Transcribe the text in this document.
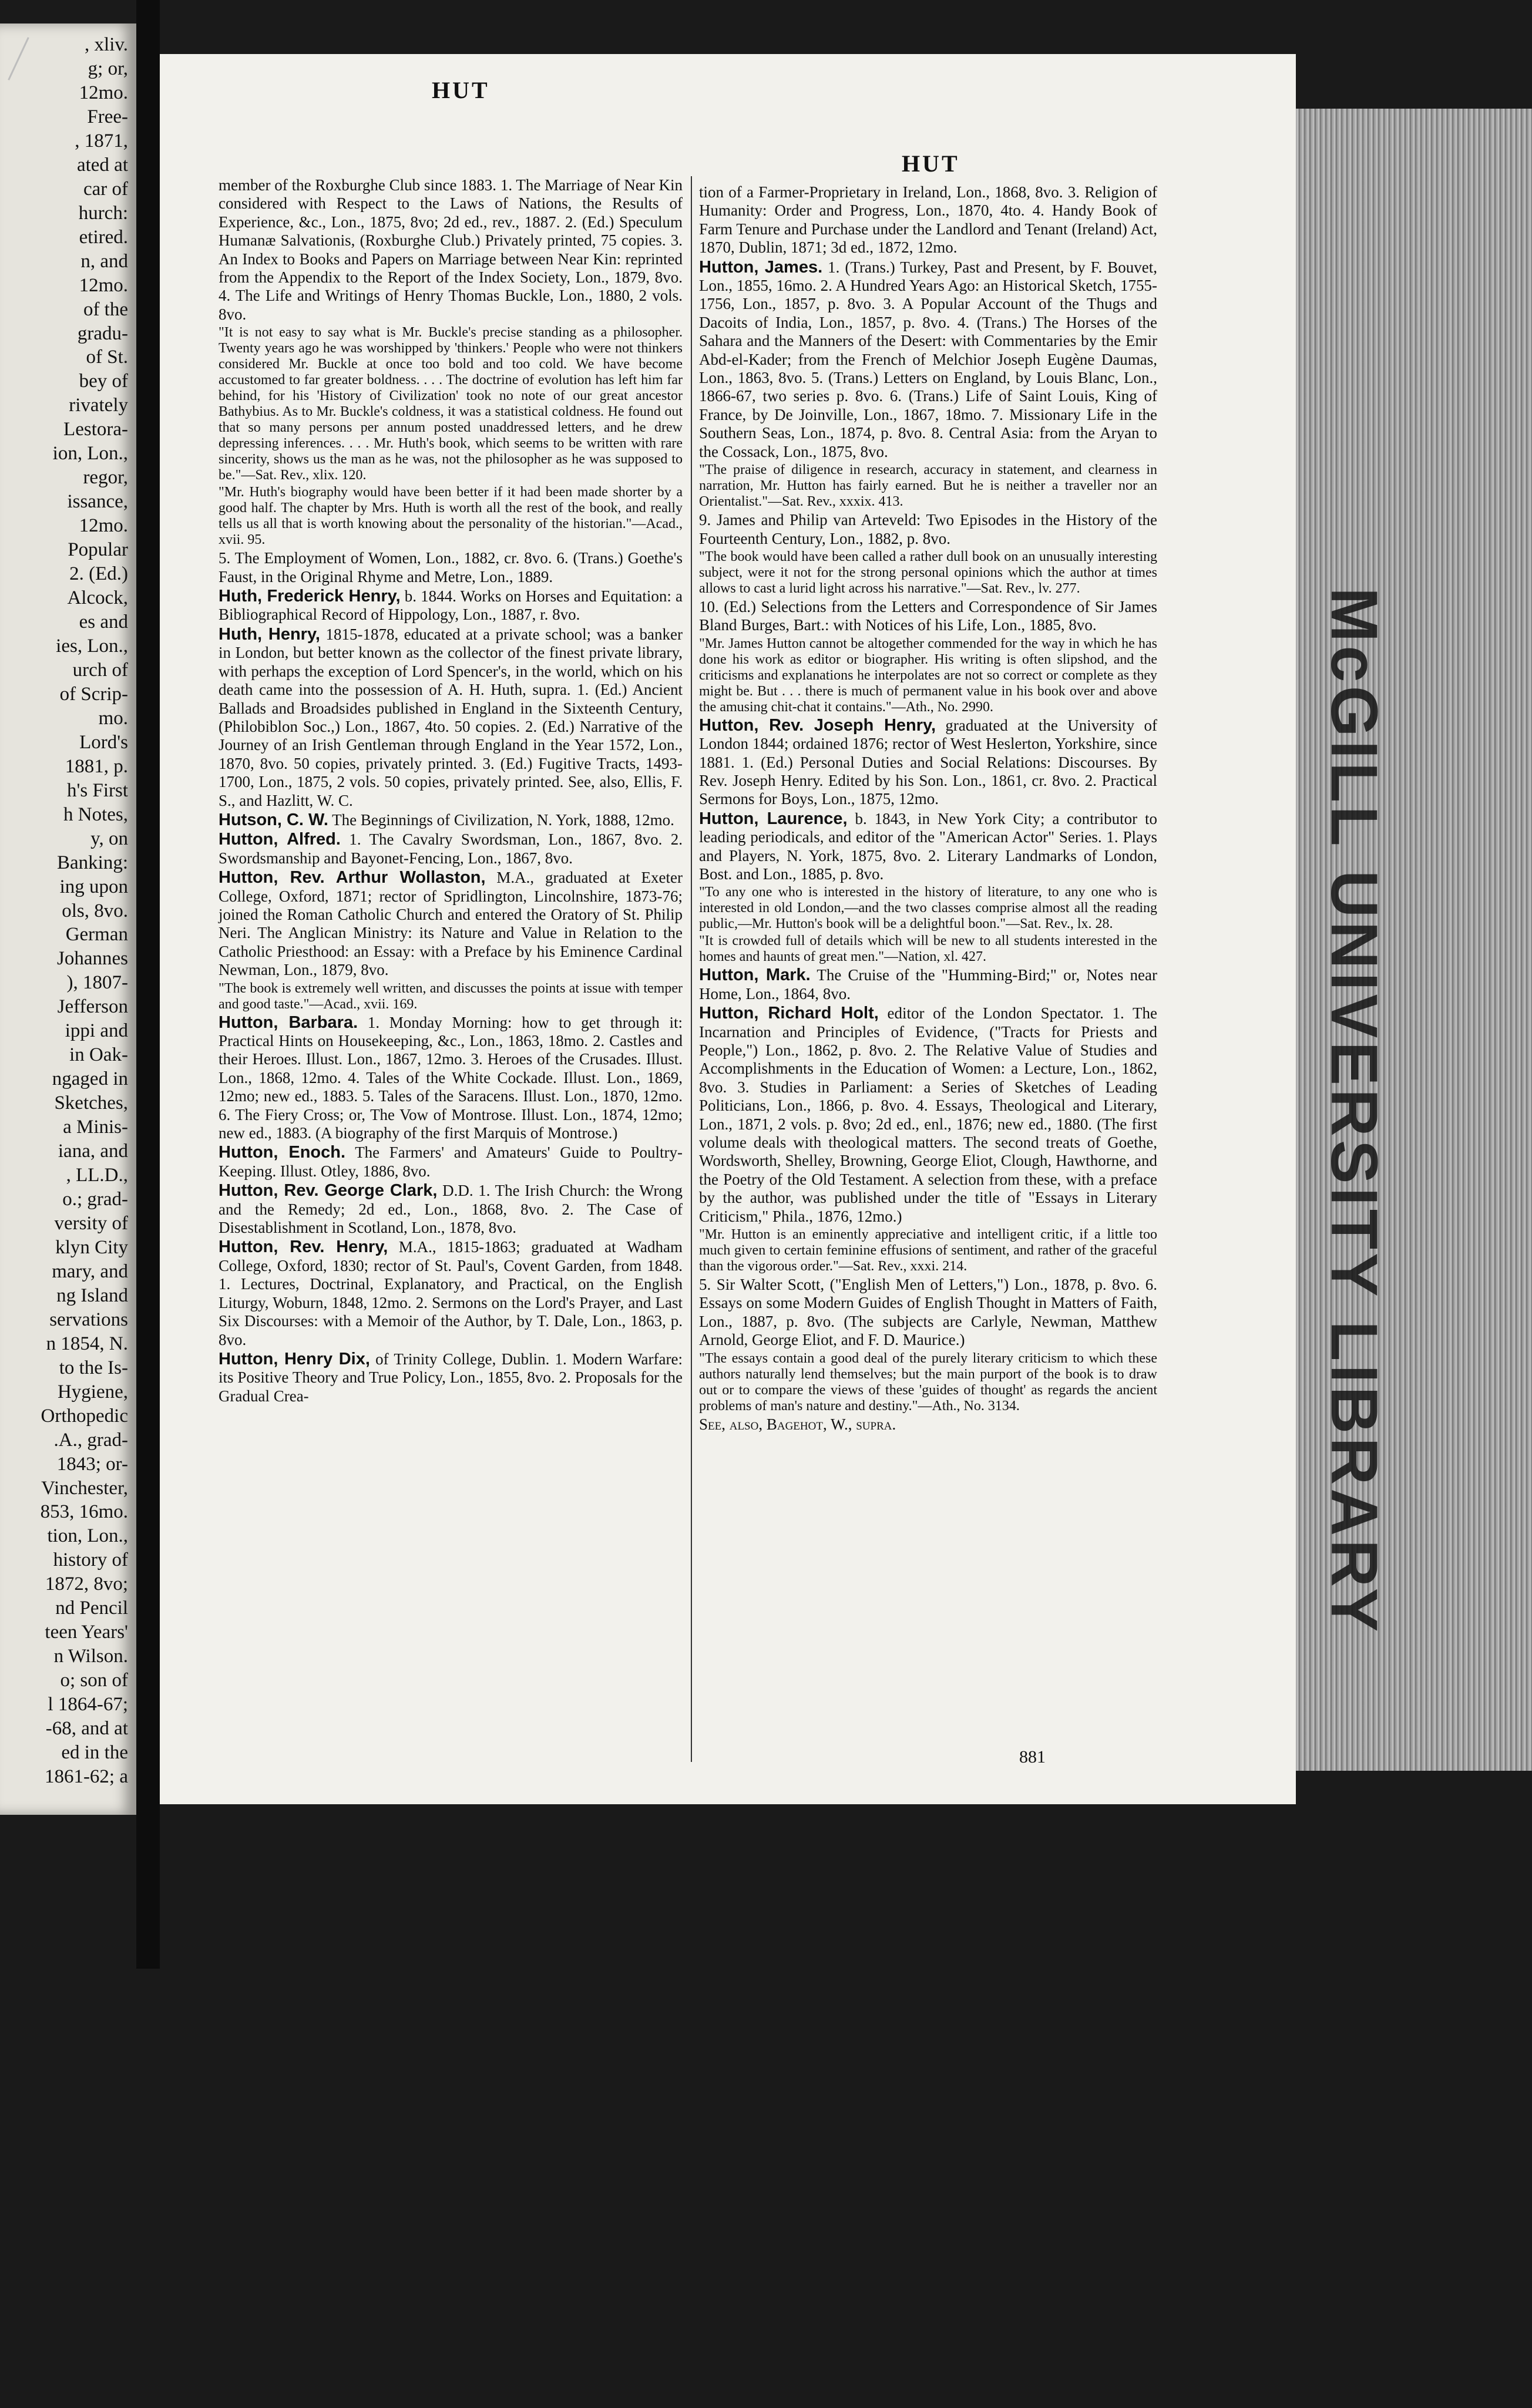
, xliv.
g; or,
12mo.
Free-
, 1871,
ated at
car of
hurch:
etired.
n, and
12mo.
of the
gradu-
of St.
bey of
rivately
Lestora-
ion, Lon.,
regor,
issance,
12mo.
Popular
2. (Ed.)
Alcock,
es and
ies, Lon.,
urch of
of Scrip-
mo.
Lord's
1881, p.
h's First
h Notes,
y, on
Banking:
ing upon
ols, 8vo.
German
Johannes
), 1807-
Jefferson
ippi and
in Oak-
ngaged in
Sketches,
a Minis-
iana, and
, LL.D.,
o.; grad-
versity of
klyn City
mary, and
ng Island
servations
n 1854, N.
to the Is-
Hygiene,
Orthopedic
.A., grad-
1843; or-
Vinchester,
853, 16mo.
tion, Lon.,
history of
1872, 8vo;
nd Pencil
teen Years'
n Wilson.
o; son of
l 1864-67;
-68, and at
ed in the
1861-62; a
McGILL UNIVERSITY LIBRARY
HUT
HUT

member of the Roxburghe Club since 1883. 1. The Marriage of Near Kin considered with Respect to the Laws of Nations, the Results of Experience, &c., Lon., 1875, 8vo; 2d ed., rev., 1887. 2. (Ed.) Speculum Humanæ Salvationis, (Roxburghe Club.) Privately printed, 75 copies. 3. An Index to Books and Papers on Marriage between Near Kin: reprinted from the Appendix to the Report of the Index Society, Lon., 1879, 8vo. 4. The Life and Writings of Henry Thomas Buckle, Lon., 1880, 2 vols. 8vo.

"It is not easy to say what is Mr. Buckle's precise standing as a philosopher. Twenty years ago he was worshipped by 'thinkers.' People who were not thinkers considered Mr. Buckle at once too bold and too cold. We have become accustomed to far greater boldness. . . . The doctrine of evolution has left him far behind, for his 'History of Civilization' took no note of our great ancestor Bathybius. As to Mr. Buckle's coldness, it was a statistical coldness. He found out that so many persons per annum posted unaddressed letters, and he drew depressing inferences. . . . Mr. Huth's book, which seems to be written with rare sincerity, shows us the man as he was, not the philosopher as he was supposed to be."—Sat. Rev., xlix. 120.

"Mr. Huth's biography would have been better if it had been made shorter by a good half. The chapter by Mrs. Huth is worth all the rest of the book, and really tells us all that is worth knowing about the personality of the historian."—Acad., xvii. 95.

5. The Employment of Women, Lon., 1882, cr. 8vo. 6. (Trans.) Goethe's Faust, in the Original Rhyme and Metre, Lon., 1889.

Huth, Frederick Henry, b. 1844. Works on Horses and Equitation: a Bibliographical Record of Hippology, Lon., 1887, r. 8vo.

Huth, Henry, 1815-1878, educated at a private school; was a banker in London, but better known as the collector of the finest private library, with perhaps the exception of Lord Spencer's, in the world, which on his death came into the possession of A. H. Huth, supra. 1. (Ed.) Ancient Ballads and Broadsides published in England in the Sixteenth Century, (Philobiblon Soc.,) Lon., 1867, 4to. 50 copies. 2. (Ed.) Narrative of the Journey of an Irish Gentleman through England in the Year 1572, Lon., 1870, 8vo. 50 copies, privately printed. 3. (Ed.) Fugitive Tracts, 1493-1700, Lon., 1875, 2 vols. 50 copies, privately printed. See, also, Ellis, F. S., and Hazlitt, W. C.

Hutson, C. W. The Beginnings of Civilization, N. York, 1888, 12mo.

Hutton, Alfred. 1. The Cavalry Swordsman, Lon., 1867, 8vo. 2. Swordsmanship and Bayonet-Fencing, Lon., 1867, 8vo.

Hutton, Rev. Arthur Wollaston, M.A., graduated at Exeter College, Oxford, 1871; rector of Spridlington, Lincolnshire, 1873-76; joined the Roman Catholic Church and entered the Oratory of St. Philip Neri. The Anglican Ministry: its Nature and Value in Relation to the Catholic Priesthood: an Essay: with a Preface by his Eminence Cardinal Newman, Lon., 1879, 8vo.

"The book is extremely well written, and discusses the points at issue with temper and good taste."—Acad., xvii. 169.

Hutton, Barbara. 1. Monday Morning: how to get through it: Practical Hints on Housekeeping, &c., Lon., 1863, 18mo. 2. Castles and their Heroes. Illust. Lon., 1867, 12mo. 3. Heroes of the Crusades. Illust. Lon., 1868, 12mo. 4. Tales of the White Cockade. Illust. Lon., 1869, 12mo; new ed., 1883. 5. Tales of the Saracens. Illust. Lon., 1870, 12mo. 6. The Fiery Cross; or, The Vow of Montrose. Illust. Lon., 1874, 12mo; new ed., 1883. (A biography of the first Marquis of Montrose.)

Hutton, Enoch. The Farmers' and Amateurs' Guide to Poultry-Keeping. Illust. Otley, 1886, 8vo.

Hutton, Rev. George Clark, D.D. 1. The Irish Church: the Wrong and the Remedy; 2d ed., Lon., 1868, 8vo. 2. The Case of Disestablishment in Scotland, Lon., 1878, 8vo.

Hutton, Rev. Henry, M.A., 1815-1863; graduated at Wadham College, Oxford, 1830; rector of St. Paul's, Covent Garden, from 1848. 1. Lectures, Doctrinal, Explanatory, and Practical, on the English Liturgy, Woburn, 1848, 12mo. 2. Sermons on the Lord's Prayer, and Last Six Discourses: with a Memoir of the Author, by T. Dale, Lon., 1863, p. 8vo.

Hutton, Henry Dix, of Trinity College, Dublin. 1. Modern Warfare: its Positive Theory and True Policy, Lon., 1855, 8vo. 2. Proposals for the Gradual Crea-

tion of a Farmer-Proprietary in Ireland, Lon., 1868, 8vo. 3. Religion of Humanity: Order and Progress, Lon., 1870, 4to. 4. Handy Book of Farm Tenure and Purchase under the Landlord and Tenant (Ireland) Act, 1870, Dublin, 1871; 3d ed., 1872, 12mo.

Hutton, James. 1. (Trans.) Turkey, Past and Present, by F. Bouvet, Lon., 1855, 16mo. 2. A Hundred Years Ago: an Historical Sketch, 1755-1756, Lon., 1857, p. 8vo. 3. A Popular Account of the Thugs and Dacoits of India, Lon., 1857, p. 8vo. 4. (Trans.) The Horses of the Sahara and the Manners of the Desert: with Commentaries by the Emir Abd-el-Kader; from the French of Melchior Joseph Eugène Daumas, Lon., 1863, 8vo. 5. (Trans.) Letters on England, by Louis Blanc, Lon., 1866-67, two series p. 8vo. 6. (Trans.) Life of Saint Louis, King of France, by De Joinville, Lon., 1867, 18mo. 7. Missionary Life in the Southern Seas, Lon., 1874, p. 8vo. 8. Central Asia: from the Aryan to the Cossack, Lon., 1875, 8vo.

"The praise of diligence in research, accuracy in statement, and clearness in narration, Mr. Hutton has fairly earned. But he is neither a traveller nor an Orientalist."—Sat. Rev., xxxix. 413.

9. James and Philip van Arteveld: Two Episodes in the History of the Fourteenth Century, Lon., 1882, p. 8vo.

"The book would have been called a rather dull book on an unusually interesting subject, were it not for the strong personal opinions which the author at times allows to cast a lurid light across his narrative."—Sat. Rev., lv. 277.

10. (Ed.) Selections from the Letters and Correspondence of Sir James Bland Burges, Bart.: with Notices of his Life, Lon., 1885, 8vo.

"Mr. James Hutton cannot be altogether commended for the way in which he has done his work as editor or biographer. His writing is often slipshod, and the criticisms and explanations he interpolates are not so correct or complete as they might be. But . . . there is much of permanent value in his book over and above the amusing chit-chat it contains."—Ath., No. 2990.

Hutton, Rev. Joseph Henry, graduated at the University of London 1844; ordained 1876; rector of West Heslerton, Yorkshire, since 1881. 1. (Ed.) Personal Duties and Social Relations: Discourses. By Rev. Joseph Henry. Edited by his Son. Lon., 1861, cr. 8vo. 2. Practical Sermons for Boys, Lon., 1875, 12mo.

Hutton, Laurence, b. 1843, in New York City; a contributor to leading periodicals, and editor of the "American Actor" Series. 1. Plays and Players, N. York, 1875, 8vo. 2. Literary Landmarks of London, Bost. and Lon., 1885, p. 8vo.

"To any one who is interested in the history of literature, to any one who is interested in old London,—and the two classes comprise almost all the reading public,—Mr. Hutton's book will be a delightful boon."—Sat. Rev., lx. 28.

"It is crowded full of details which will be new to all students interested in the homes and haunts of great men."—Nation, xl. 427.

Hutton, Mark. The Cruise of the "Humming-Bird;" or, Notes near Home, Lon., 1864, 8vo.

Hutton, Richard Holt, editor of the London Spectator. 1. The Incarnation and Principles of Evidence, ("Tracts for Priests and People,") Lon., 1862, p. 8vo. 2. The Relative Value of Studies and Accomplishments in the Education of Women: a Lecture, Lon., 1862, 8vo. 3. Studies in Parliament: a Series of Sketches of Leading Politicians, Lon., 1866, p. 8vo. 4. Essays, Theological and Literary, Lon., 1871, 2 vols. p. 8vo; 2d ed., enl., 1876; new ed., 1880. (The first volume deals with theological matters. The second treats of Goethe, Wordsworth, Shelley, Browning, George Eliot, Clough, Hawthorne, and the Poetry of the Old Testament. A selection from these, with a preface by the author, was published under the title of "Essays in Literary Criticism," Phila., 1876, 12mo.)

"Mr. Hutton is an eminently appreciative and intelligent critic, if a little too much given to certain feminine effusions of sentiment, and rather of the graceful than the vigorous order."—Sat. Rev., xxxi. 214.

5. Sir Walter Scott, ("English Men of Letters,") Lon., 1878, p. 8vo. 6. Essays on some Modern Guides of English Thought in Matters of Faith, Lon., 1887, p. 8vo. (The subjects are Carlyle, Newman, Matthew Arnold, George Eliot, and F. D. Maurice.)

"The essays contain a good deal of the purely literary criticism to which these authors naturally lend themselves; but the main purport of the book is to draw out or to compare the views of these 'guides of thought' as regards the ancient problems of man's nature and destiny."—Ath., No. 3134.

See, also, Bagehot, W., supra.

881
